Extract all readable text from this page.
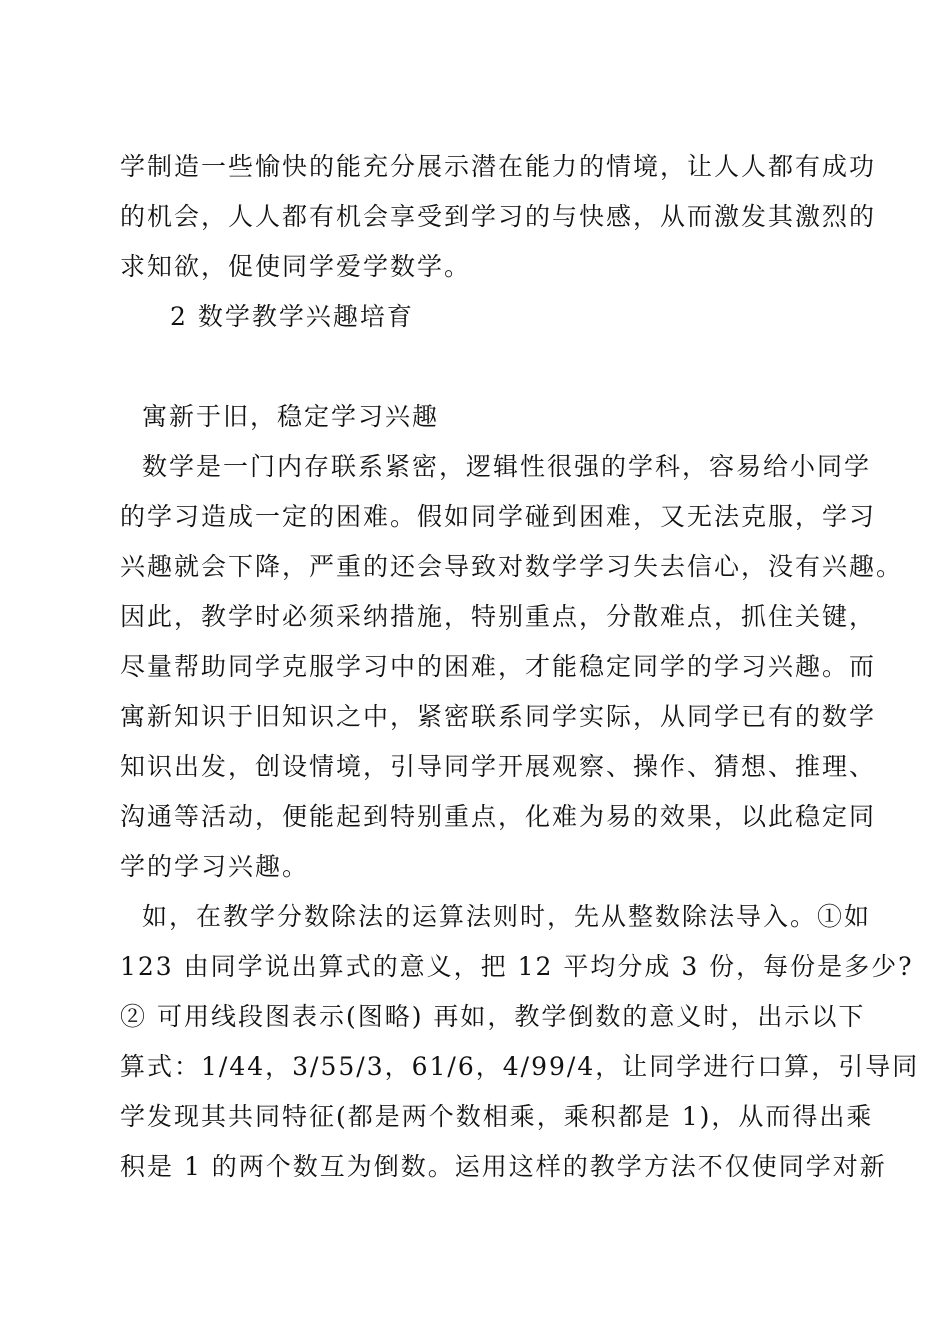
学制造一些愉快的能充分展示潜在能力的情境，让人人都有成功
的机会，人人都有机会享受到学习的与快感，从而激发其激烈的
求知欲，促使同学爱学数学。
2 数学教学兴趣培育
寓新于旧，稳定学习兴趣
数学是一门内存联系紧密，逻辑性很强的学科，容易给小同学
的学习造成一定的困难。假如同学碰到困难，又无法克服，学习
兴趣就会下降，严重的还会导致对数学学习失去信心，没有兴趣。
因此，教学时必须采纳措施，特别重点，分散难点，抓住关键，
尽量帮助同学克服学习中的困难，才能稳定同学的学习兴趣。而
寓新知识于旧知识之中，紧密联系同学实际，从同学已有的数学
知识出发，创设情境，引导同学开展观察、操作、猜想、推理、
沟通等活动，便能起到特别重点，化难为易的效果，以此稳定同
学的学习兴趣。
如，在教学分数除法的运算法则时，先从整数除法导入。①如
123 由同学说出算式的意义，把 12 平均分成 3 份，每份是多少?
② 可用线段图表示(图略) 再如，教学倒数的意义时，出示以下
算式：1/44，3/55/3，61/6，4/99/4，让同学进行口算，引导同
学发现其共同特征(都是两个数相乘，乘积都是 1)，从而得出乘
积是 1 的两个数互为倒数。运用这样的教学方法不仅使同学对新
